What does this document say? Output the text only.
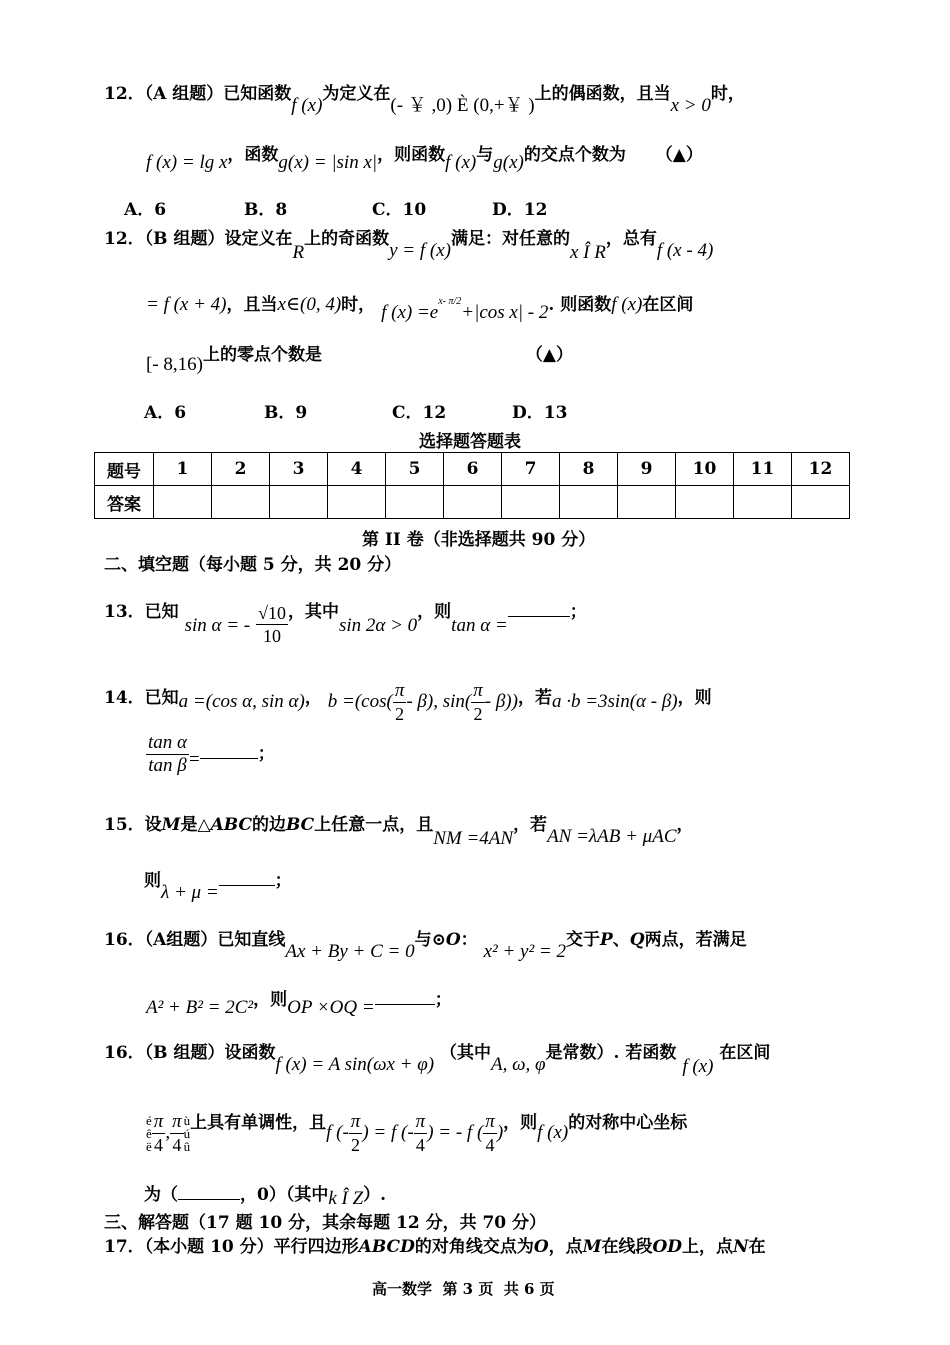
12．（A 组题）已知函数f (x)为定义在(- ￥ ,0) È (0,+￥ )上的偶函数，且当x > 0时，
f (x) = lg x，函数g(x) = |sin x|，则函数f (x)与g(x)的交点个数为 （▲）
A．6	B．8	C．10	D．12
12．（B 组题）设定义在R上的奇函数y = f (x)满足：对任意的x Î R，总有f (x - 4)
= f (x + 4)，且当x∈(0, 4)时， f $(x) =e^{x- \pi/2}+|\cos$ x| - 2. 则函数f (x)在区间
[- 8,16)上的零点个数是	（▲）
A．6	B．9	C．12	D．13
选择题答题表
题号	1	2	3	4	5	6	7	8	9	10	11	12
答案												
第 II 卷（非选择题共 90 分）
二、填空题（每小题 5 分，共 20 分）
13．已知 sin α = - $\frac{√10}{10}$ ，其中sin 2α > 0，则tan α =；
14．已知a =(cos α, sin α)， $b =(\cos( \frac{\pi}{2} - \beta)$, $\sin( \frac{\pi}{2} - \beta)$)，若a ·b =3sin(α - β)，则
$\frac{\text{tan α}}{\text{tan β}}$ =	；
15．设M是△ABC的边BC上任意一点，且NM =4AN，若AN =λAB + μAC，
则λ + μ =；
16．（A组题）已知直线Ax + By + C = 0与⊙O： x² + y² = 2交于P、Q两点，若满足
A² + B² = 2C²，则OP ×OQ =	；
16．（B 组题）设函数f (x) = A sin(ωx + φ) （其中A, ω, φ是常数）. 若函数 f (x) 在区间
é
ê
ë $\frac{\pi}{4}$ , $\frac{\pi}{4}$ ù
ú
û上具有单调性，且f (- $\frac{\pi}{2}$ ) = f (- $\frac{\pi}{4}$ ) = - f ( $\frac{\pi}{4}$ )，则f (x)的对称中心坐标
为（	，0）（其中k Î Z）.
三、解答题（17 题 10 分，其余每题 12 分，共 70 分）
17．（本小题 10 分）平行四边形ABCD的对角线交点为O，点M在线段OD上，点N在
高一数学  第 3 页  共 6 页
